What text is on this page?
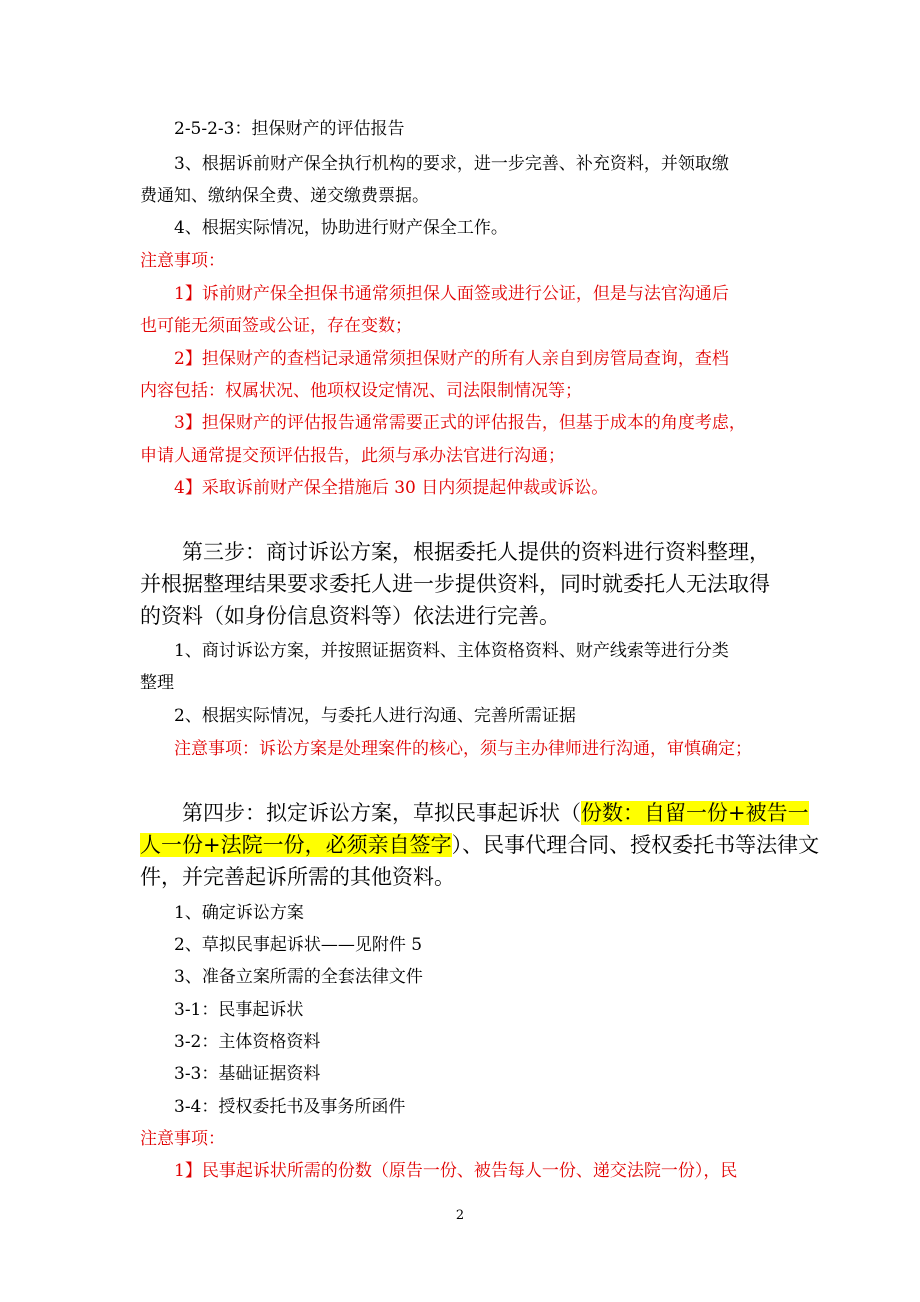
2-5-2-3：担保财产的评估报告
3、根据诉前财产保全执行机构的要求，进一步完善、补充资料，并领取缴
费通知、缴纳保全费、递交缴费票据。
4、根据实际情况，协助进行财产保全工作。
注意事项：
1】诉前财产保全担保书通常须担保人面签或进行公证，但是与法官沟通后
也可能无须面签或公证，存在变数；
2】担保财产的查档记录通常须担保财产的所有人亲自到房管局查询，查档
内容包括：权属状况、他项权设定情况、司法限制情况等；
3】担保财产的评估报告通常需要正式的评估报告，但基于成本的角度考虑，
申请人通常提交预评估报告，此须与承办法官进行沟通；
4】采取诉前财产保全措施后 30 日内须提起仲裁或诉讼。
第三步：商讨诉讼方案，根据委托人提供的资料进行资料整理，
并根据整理结果要求委托人进一步提供资料，同时就委托人无法取得
的资料（如身份信息资料等）依法进行完善。
1、商讨诉讼方案，并按照证据资料、主体资格资料、财产线索等进行分类
整理
2、根据实际情况，与委托人进行沟通、完善所需证据
注意事项：诉讼方案是处理案件的核心，须与主办律师进行沟通，审慎确定；
第四步：拟定诉讼方案，草拟民事起诉状（份数：自留一份+被告一
人一份+法院一份，必须亲自签字）、民事代理合同、授权委托书等法律文
件，并完善起诉所需的其他资料。
1、确定诉讼方案
2、草拟民事起诉状——见附件 5
3、准备立案所需的全套法律文件
3-1：民事起诉状
3-2：主体资格资料
3-3：基础证据资料
3-4：授权委托书及事务所函件
注意事项：
1】民事起诉状所需的份数（原告一份、被告每人一份、递交法院一份），民
2
